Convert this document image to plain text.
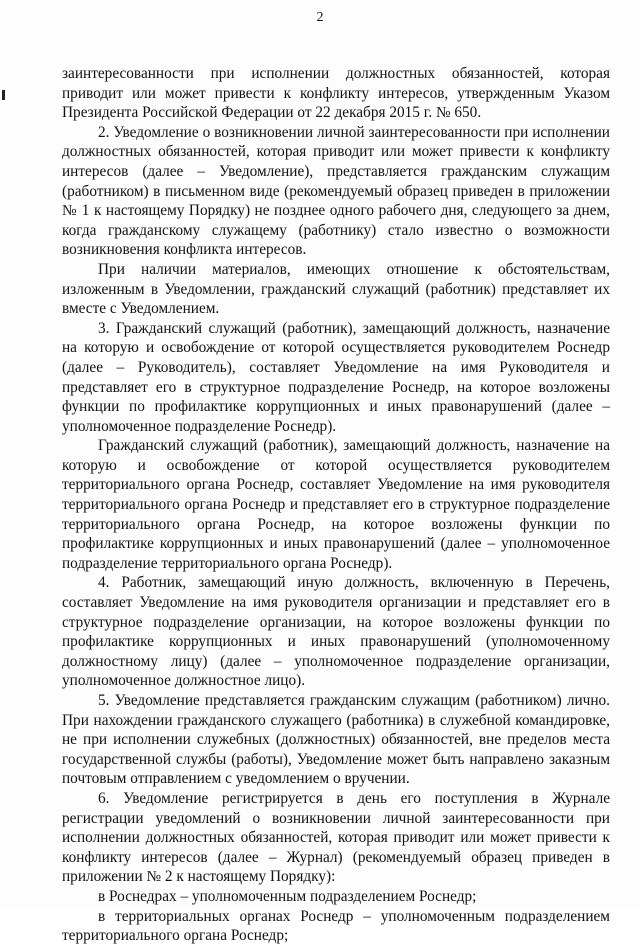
2

заинтересованности при исполнении должностных обязанностей, которая приводит или может привести к конфликту интересов, утвержденным Указом Президента Российской Федерации от 22 декабря 2015 г. № 650.

2. Уведомление о возникновении личной заинтересованности при исполнении должностных обязанностей, которая приводит или может привести к конфликту интересов (далее – Уведомление), представляется гражданским служащим (работником) в письменном виде (рекомендуемый образец приведен в приложении № 1 к настоящему Порядку) не позднее одного рабочего дня, следующего за днем, когда гражданскому служащему (работнику) стало известно о возможности возникновения конфликта интересов.

При наличии материалов, имеющих отношение к обстоятельствам, изложенным в Уведомлении, гражданский служащий (работник) представляет их вместе с Уведомлением.

3. Гражданский служащий (работник), замещающий должность, назначение на которую и освобождение от которой осуществляется руководителем Роснедр (далее – Руководитель), составляет Уведомление на имя Руководителя и представляет его в структурное подразделение Роснедр, на которое возложены функции по профилактике коррупционных и иных правонарушений (далее – уполномоченное подразделение Роснедр).

Гражданский служащий (работник), замещающий должность, назначение на которую и освобождение от которой осуществляется руководителем территориального органа Роснедр, составляет Уведомление на имя руководителя территориального органа Роснедр и представляет его в структурное подразделение территориального органа Роснедр, на которое возложены функции по профилактике коррупционных и иных правонарушений (далее – уполномоченное подразделение территориального органа Роснедр).

4. Работник, замещающий иную должность, включенную в Перечень, составляет Уведомление на имя руководителя организации и представляет его в структурное подразделение организации, на которое возложены функции по профилактике коррупционных и иных правонарушений (уполномоченному должностному лицу) (далее – уполномоченное подразделение организации, уполномоченное должностное лицо).

5. Уведомление представляется гражданским служащим (работником) лично. При нахождении гражданского служащего (работника) в служебной командировке, не при исполнении служебных (должностных) обязанностей, вне пределов места государственной службы (работы), Уведомление может быть направлено заказным почтовым отправлением с уведомлением о вручении.

6. Уведомление регистрируется в день его поступления в Журнале регистрации уведомлений о возникновении личной заинтересованности при исполнении должностных обязанностей, которая приводит или может привести к конфликту интересов (далее – Журнал) (рекомендуемый образец приведен в приложении № 2 к настоящему Порядку):

в Роснедрах – уполномоченным подразделением Роснедр;

в территориальных органах Роснедр – уполномоченным подразделением территориального органа Роснедр;
